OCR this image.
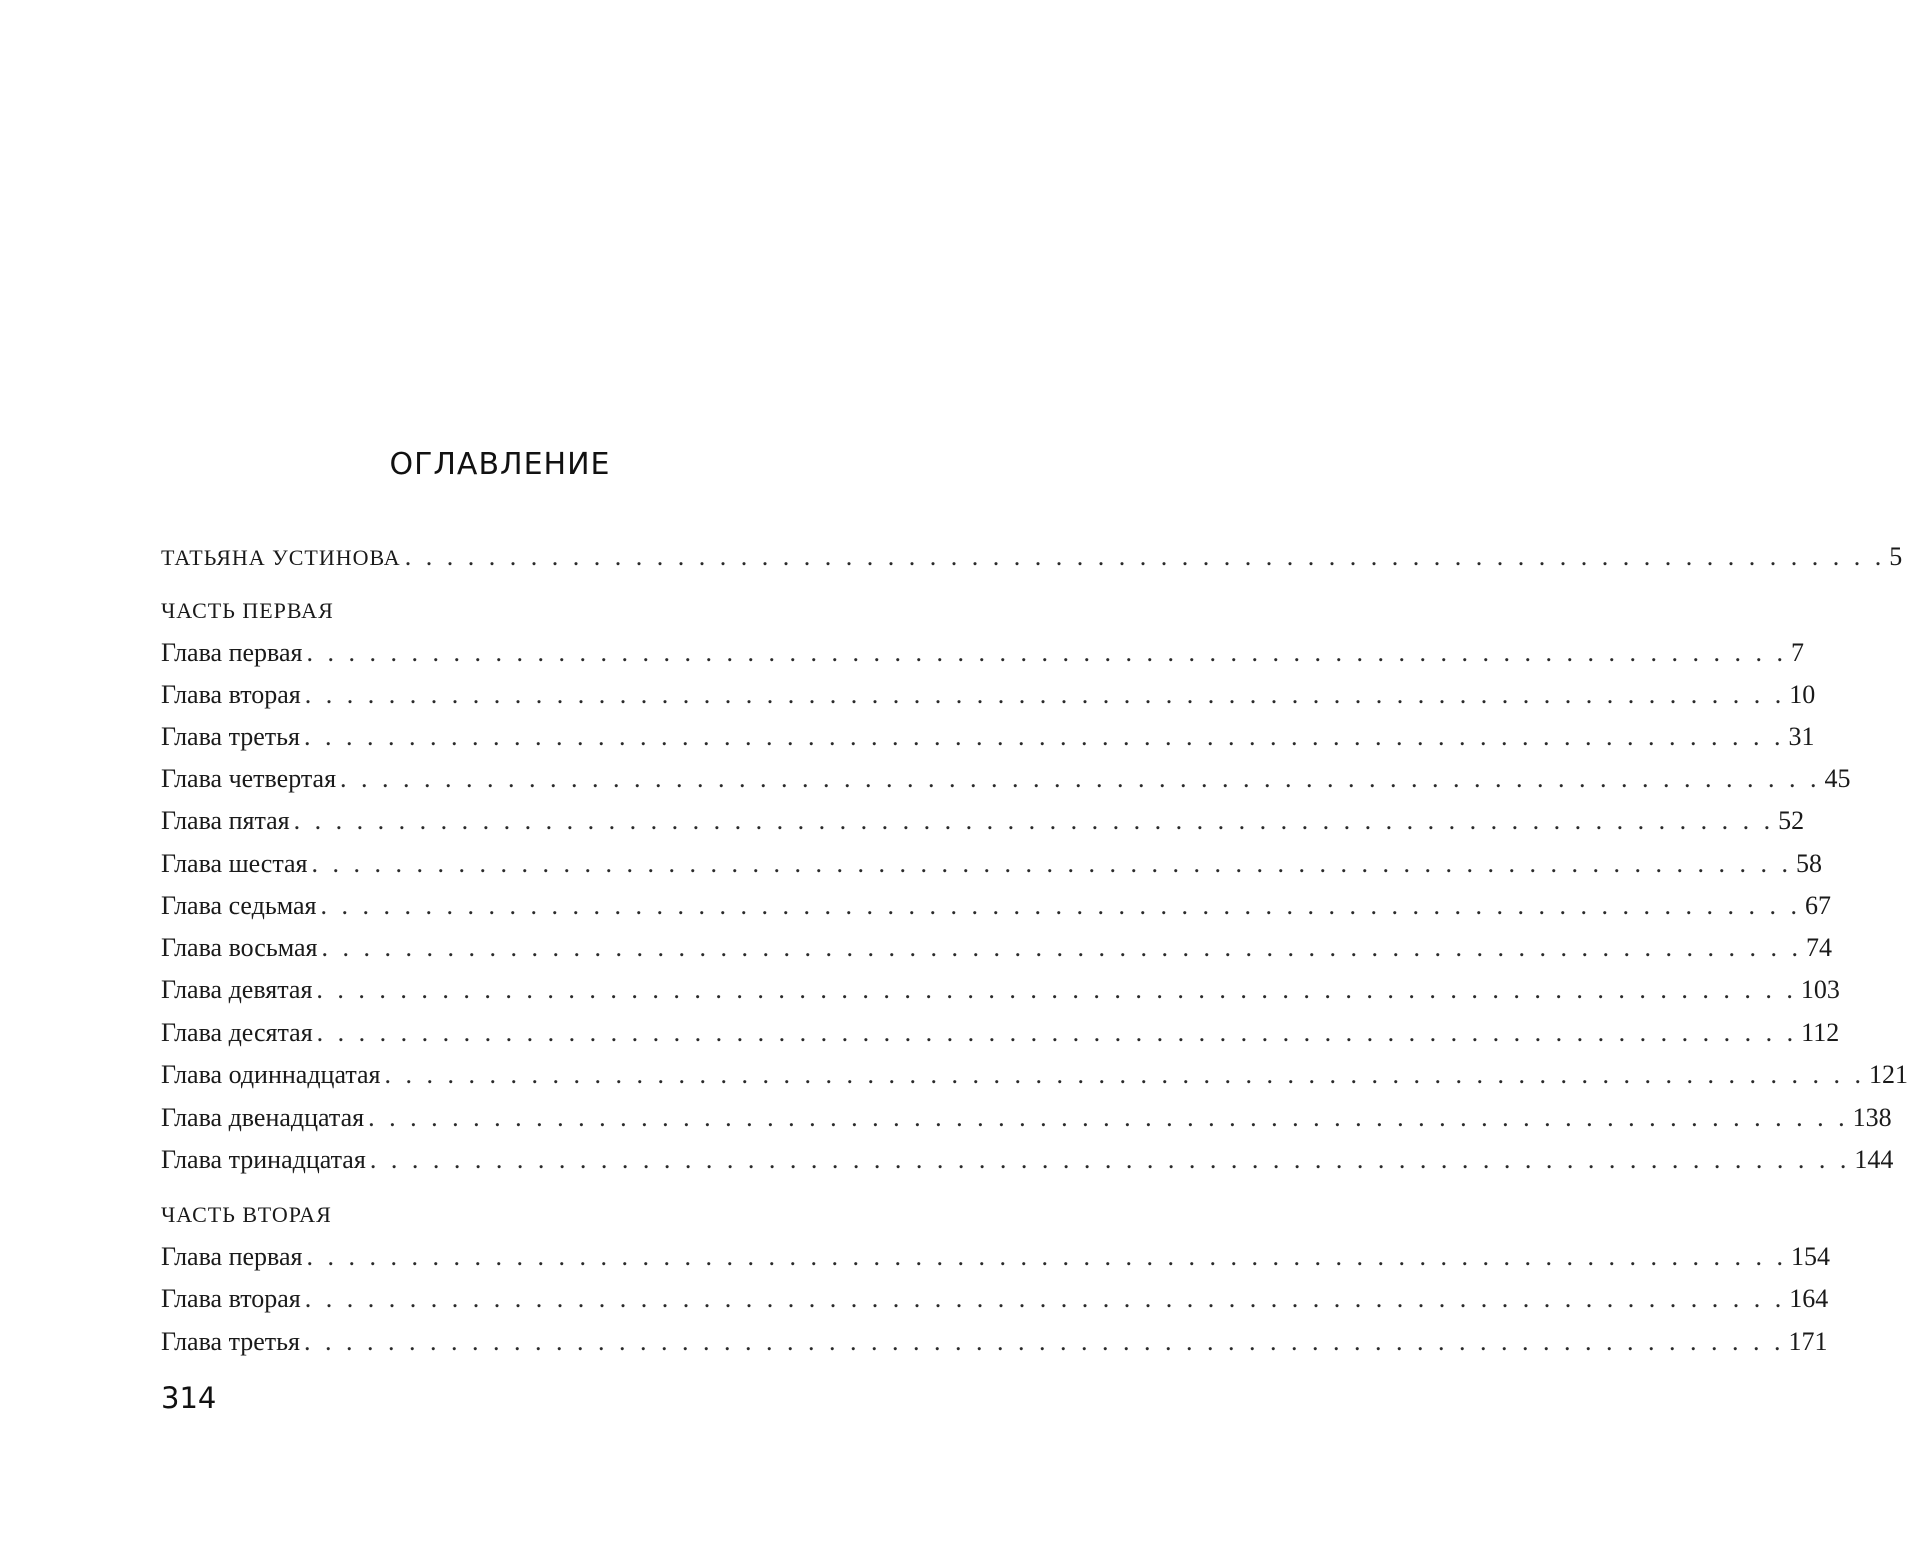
ОГЛАВЛЕНИЕ
ТАТЬЯНА УСТИНОВА . . . . . . . . . . . . . . . . . . . . . . . . . . . . . . . . . . . . . . . . . . . . . . . . . . . . . . . . . . . . . . . . . . . . . . . 5
ЧАСТЬ ПЕРВАЯ
Глава первая . . . . . . . . . . . . . . . . . . . . . . . . . . . . . . . . . . . . . . . . . . . . . . . . . . . . . . . . . . . . . . . . . . . . . . . 7
Глава вторая . . . . . . . . . . . . . . . . . . . . . . . . . . . . . . . . . . . . . . . . . . . . . . . . . . . . . . . . . . . . . . . . . . . . . . . 10
Глава третья . . . . . . . . . . . . . . . . . . . . . . . . . . . . . . . . . . . . . . . . . . . . . . . . . . . . . . . . . . . . . . . . . . . . . . . 31
Глава четвертая . . . . . . . . . . . . . . . . . . . . . . . . . . . . . . . . . . . . . . . . . . . . . . . . . . . . . . . . . . . . . . . . . . . . . . . 45
Глава пятая . . . . . . . . . . . . . . . . . . . . . . . . . . . . . . . . . . . . . . . . . . . . . . . . . . . . . . . . . . . . . . . . . . . . . . . 52
Глава шестая . . . . . . . . . . . . . . . . . . . . . . . . . . . . . . . . . . . . . . . . . . . . . . . . . . . . . . . . . . . . . . . . . . . . . . . 58
Глава седьмая . . . . . . . . . . . . . . . . . . . . . . . . . . . . . . . . . . . . . . . . . . . . . . . . . . . . . . . . . . . . . . . . . . . . . . . 67
Глава восьмая . . . . . . . . . . . . . . . . . . . . . . . . . . . . . . . . . . . . . . . . . . . . . . . . . . . . . . . . . . . . . . . . . . . . . . . 74
Глава девятая . . . . . . . . . . . . . . . . . . . . . . . . . . . . . . . . . . . . . . . . . . . . . . . . . . . . . . . . . . . . . . . . . . . . . . . 103
Глава десятая . . . . . . . . . . . . . . . . . . . . . . . . . . . . . . . . . . . . . . . . . . . . . . . . . . . . . . . . . . . . . . . . . . . . . . . 112
Глава одиннадцатая . . . . . . . . . . . . . . . . . . . . . . . . . . . . . . . . . . . . . . . . . . . . . . . . . . . . . . . . . . . . . . . . . . . . . . . 121
Глава двенадцатая . . . . . . . . . . . . . . . . . . . . . . . . . . . . . . . . . . . . . . . . . . . . . . . . . . . . . . . . . . . . . . . . . . . . . . . 138
Глава тринадцатая . . . . . . . . . . . . . . . . . . . . . . . . . . . . . . . . . . . . . . . . . . . . . . . . . . . . . . . . . . . . . . . . . . . . . . . 144
ЧАСТЬ ВТОРАЯ
Глава первая . . . . . . . . . . . . . . . . . . . . . . . . . . . . . . . . . . . . . . . . . . . . . . . . . . . . . . . . . . . . . . . . . . . . . . . 154
Глава вторая . . . . . . . . . . . . . . . . . . . . . . . . . . . . . . . . . . . . . . . . . . . . . . . . . . . . . . . . . . . . . . . . . . . . . . . 164
Глава третья . . . . . . . . . . . . . . . . . . . . . . . . . . . . . . . . . . . . . . . . . . . . . . . . . . . . . . . . . . . . . . . . . . . . . . . 171
314
